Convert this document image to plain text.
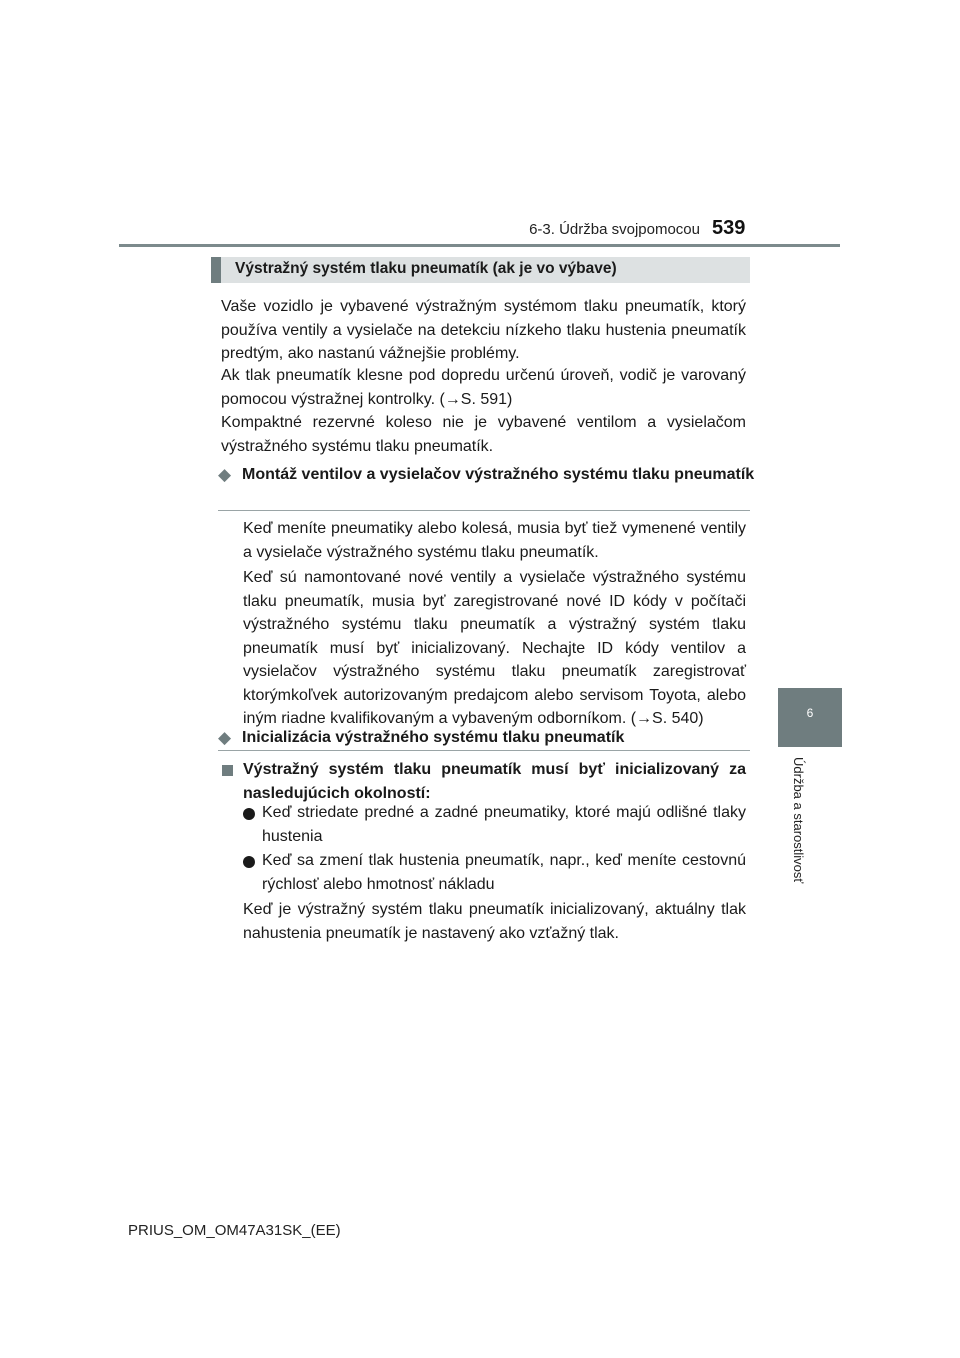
6-3. Údržba svojpomocou 539
6
Údržba a starostlivosť
Výstražný systém tlaku pneumatík (ak je vo výbave)

Vaše vozidlo je vybavené výstražným systémom tlaku pneumatík, ktorý používa ventily a vysielače na detekciu nízkeho tlaku hustenia pneumatík predtým, ako nastanú vážnejšie problémy.

Ak tlak pneumatík klesne pod dopredu určenú úroveň, vodič je varovaný pomocou výstražnej kontrolky. (→S. 591)

Kompaktné rezervné koleso nie je vybavené ventilom a vysielačom výstražného systému tlaku pneumatík.

◆ Montáž ventilov a vysielačov výstražného systému tlaku pneumatík

Keď meníte pneumatiky alebo kolesá, musia byť tiež vymenené ventily a vysielače výstražného systému tlaku pneumatík.

Keď sú namontované nové ventily a vysielače výstražného systému tlaku pneumatík, musia byť zaregistrované nové ID kódy v počítači výstražného systému tlaku pneumatík a výstražný systém tlaku pneumatík musí byť inicializovaný. Nechajte ID kódy ventilov a vysielačov výstražného systému tlaku pneumatík zaregistrovať ktorýmkoľvek autorizovaným predajcom alebo servisom Toyota, alebo iným riadne kvalifikovaným a vybaveným odborníkom. (→S. 540)

◆ Inicializácia výstražného systému tlaku pneumatík

Výstražný systém tlaku pneumatík musí byť inicializovaný za nasledujúcich okolností:

Keď striedate predné a zadné pneumatiky, ktoré majú odlišné tlaky hustenia

Keď sa zmení tlak hustenia pneumatík, napr., keď meníte cestovnú rýchlosť alebo hmotnosť nákladu

Keď je výstražný systém tlaku pneumatík inicializovaný, aktuálny tlak nahustenia pneumatík je nastavený ako vzťažný tlak.

PRIUS_OM_OM47A31SK_(EE)
